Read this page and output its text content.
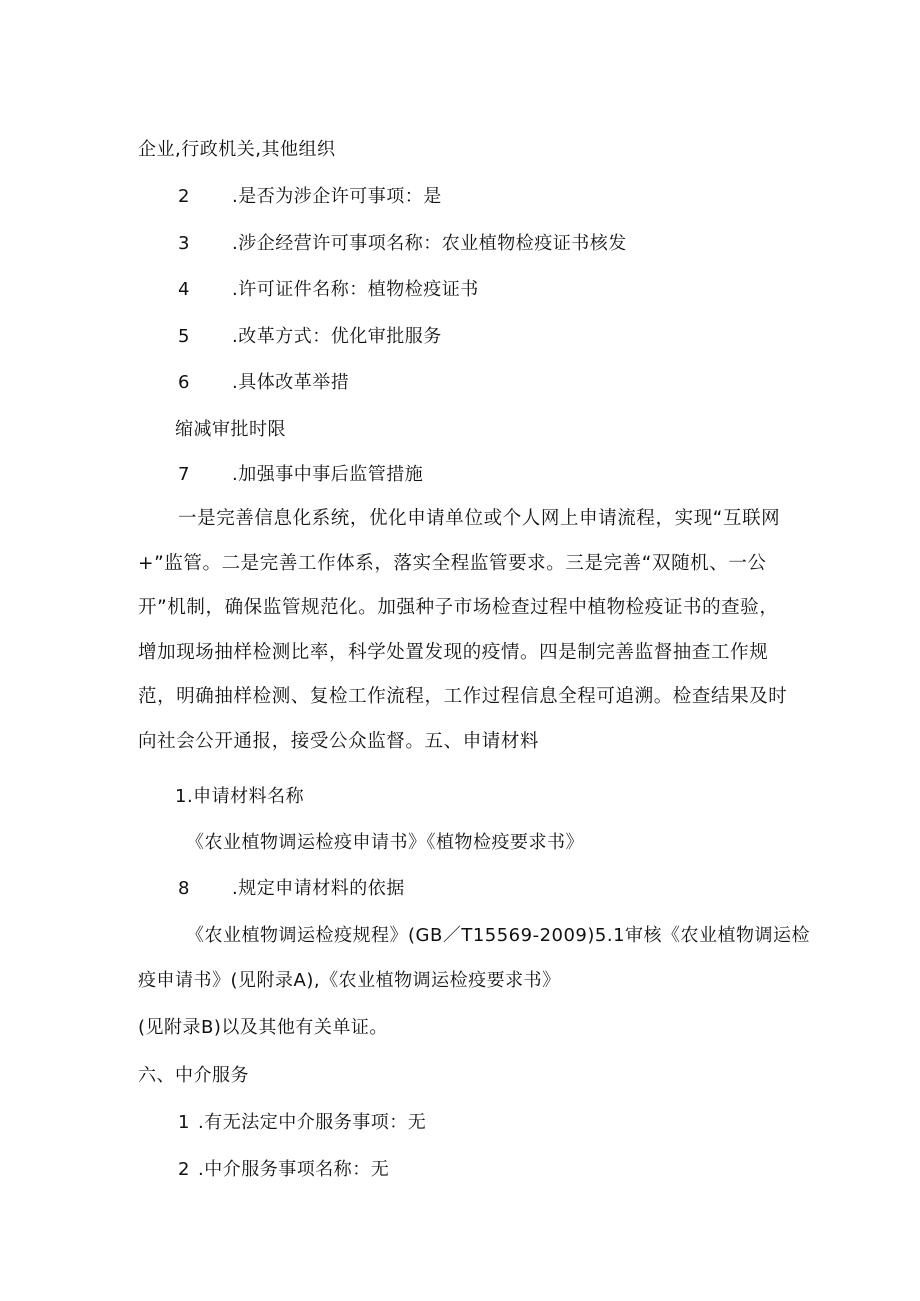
企业,行政机关,其他组织
2 .是否为涉企许可事项：是
3 .涉企经营许可事项名称：农业植物检疫证书核发
4 .许可证件名称：植物检疫证书
5 .改革方式：优化审批服务
6 .具体改革举措
缩减审批时限
7 .加强事中事后监管措施
一是完善信息化系统，优化申请单位或个人网上申请流程，实现“互联网+”监管。二是完善工作体系，落实全程监管要求。三是完善“双随机、一公开”机制，确保监管规范化。加强种子市场检查过程中植物检疫证书的查验，增加现场抽样检测比率，科学处置发现的疫情。四是制完善监督抽查工作规范，明确抽样检测、复检工作流程，工作过程信息全程可追溯。检查结果及时向社会公开通报，接受公众监督。五、申请材料
1.申请材料名称
《农业植物调运检疫申请书》《植物检疫要求书》
8 .规定申请材料的依据
《农业植物调运检疫规程》(GB／T15569-2009)5.1审核《农业植物调运检
疫申请书》(见附录A),《农业植物调运检疫要求书》
(见附录B)以及其他有关单证。
六、中介服务
1 .有无法定中介服务事项：无
2 .中介服务事项名称：无
